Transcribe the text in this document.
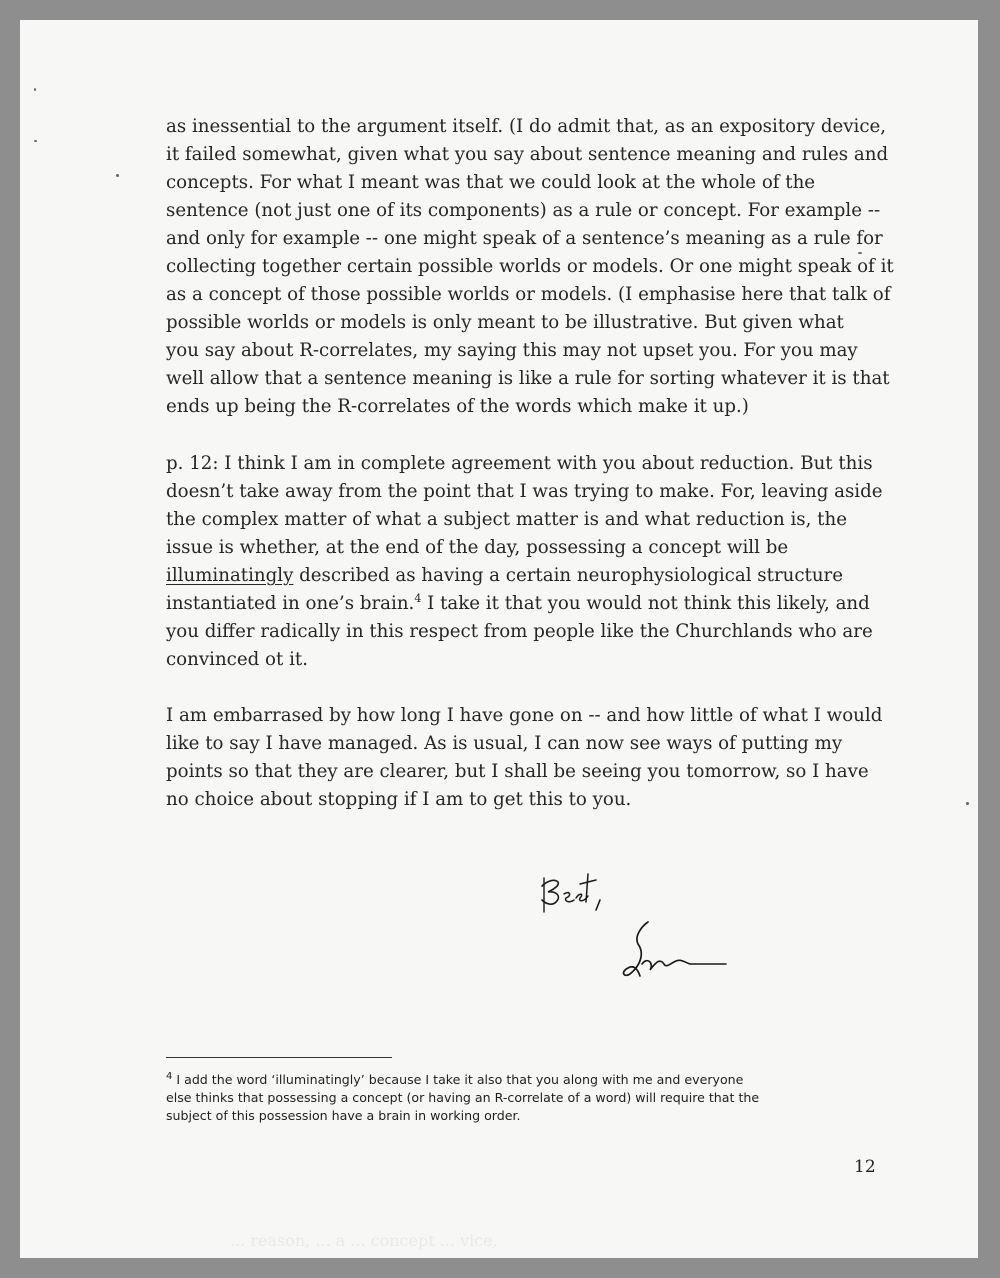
as inessential to the argument itself. (I do admit that, as an expository device,
it failed somewhat, given what you say about sentence meaning and rules and
concepts. For what I meant was that we could look at the whole of the
sentence (not just one of its components) as a rule or concept. For example --
and only for example -- one might speak of a sentence’s meaning as a rule for
collecting together certain possible worlds or models. Or one might speak of it
as a concept of those possible worlds or models. (I emphasise here that talk of
possible worlds or models is only meant to be illustrative. But given what
you say about R-correlates, my saying this may not upset you. For you may
well allow that a sentence meaning is like a rule for sorting whatever it is that
ends up being the R-correlates of the words which make it up.)

p. 12: I think I am in complete agreement with you about reduction. But this
doesn’t take away from the point that I was trying to make. For, leaving aside
the complex matter of what a subject matter is and what reduction is, the
issue is whether, at the end of the day, possessing a concept will be
illuminatingly described as having a certain neurophysiological structure
instantiated in one’s brain.$^4$ I take it that you would not think this likely, and
you differ radically in this respect from people like the Churchlands who are
convinced ot it.

I am embarrased by how long I have gone on -- and how little of what I would
like to say I have managed. As is usual, I can now see ways of putting my
points so that they are clearer, but I shall be seeing you tomorrow, so I have
no choice about stopping if I am to get this to you.

$^4$ I add the word ‘illuminatingly’ because I take it also that you along with me and everyone
else thinks that possessing a concept (or having an R-correlate of a word) will require that the
subject of this possession have a brain in working order.
12
... reason, ... a ... concept ... vice,
